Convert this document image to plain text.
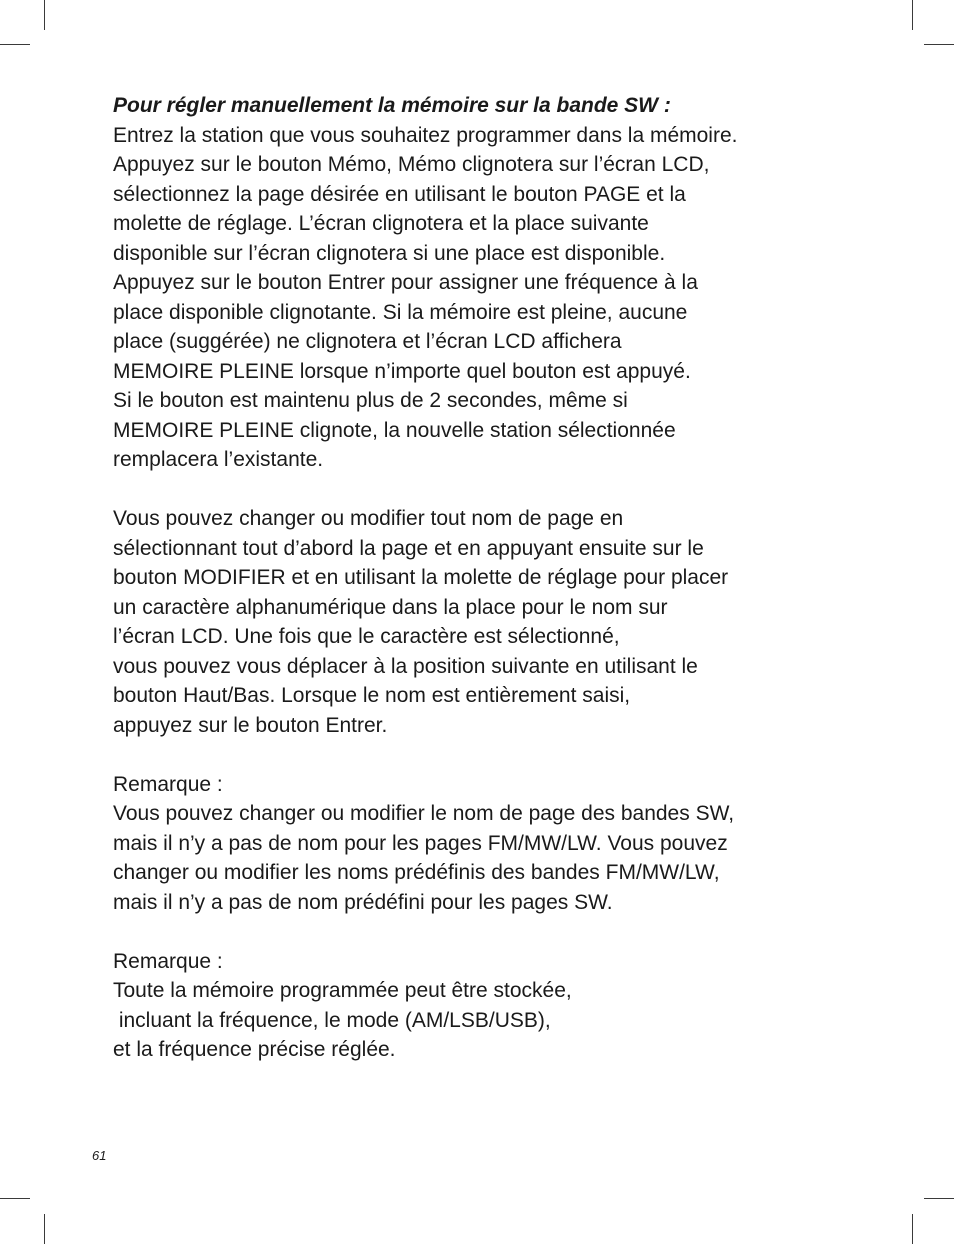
Pour régler manuellement la mémoire sur la bande SW :
Entrez la station que vous souhaitez programmer dans la mémoire.
Appuyez sur le bouton Mémo, Mémo clignotera sur l’écran LCD,
sélectionnez la page désirée en utilisant le bouton PAGE et la
molette de réglage. L’écran clignotera et la place suivante
disponible sur l’écran clignotera si une place est disponible.
Appuyez sur le bouton Entrer pour assigner une fréquence à la
place disponible clignotante. Si la mémoire est pleine, aucune
place (suggérée) ne clignotera et l’écran LCD affichera
MEMOIRE PLEINE lorsque n’importe quel bouton est appuyé.
Si le bouton est maintenu plus de 2 secondes, même si
MEMOIRE PLEINE clignote, la nouvelle station sélectionnée
remplacera l’existante.
Vous pouvez changer ou modifier tout nom de page en
sélectionnant tout d’abord la page et en appuyant ensuite sur le
bouton MODIFIER et en utilisant la molette de réglage pour placer
un caractère alphanumérique dans la place pour le nom sur
l’écran LCD. Une fois que le caractère est sélectionné,
vous pouvez vous déplacer à la position suivante en utilisant le
bouton Haut/Bas. Lorsque le nom est entièrement saisi,
appuyez sur le bouton Entrer.
Remarque :
Vous pouvez changer ou modifier le nom de page des bandes SW,
mais il n’y a pas de nom pour les pages FM/MW/LW. Vous pouvez
changer ou modifier les noms prédéfinis des bandes FM/MW/LW,
mais il n’y a pas de nom prédéfini pour les pages SW.
Remarque :
Toute la mémoire programmée peut être stockée,
incluant la fréquence, le mode (AM/LSB/USB),
et la fréquence précise réglée.
61
